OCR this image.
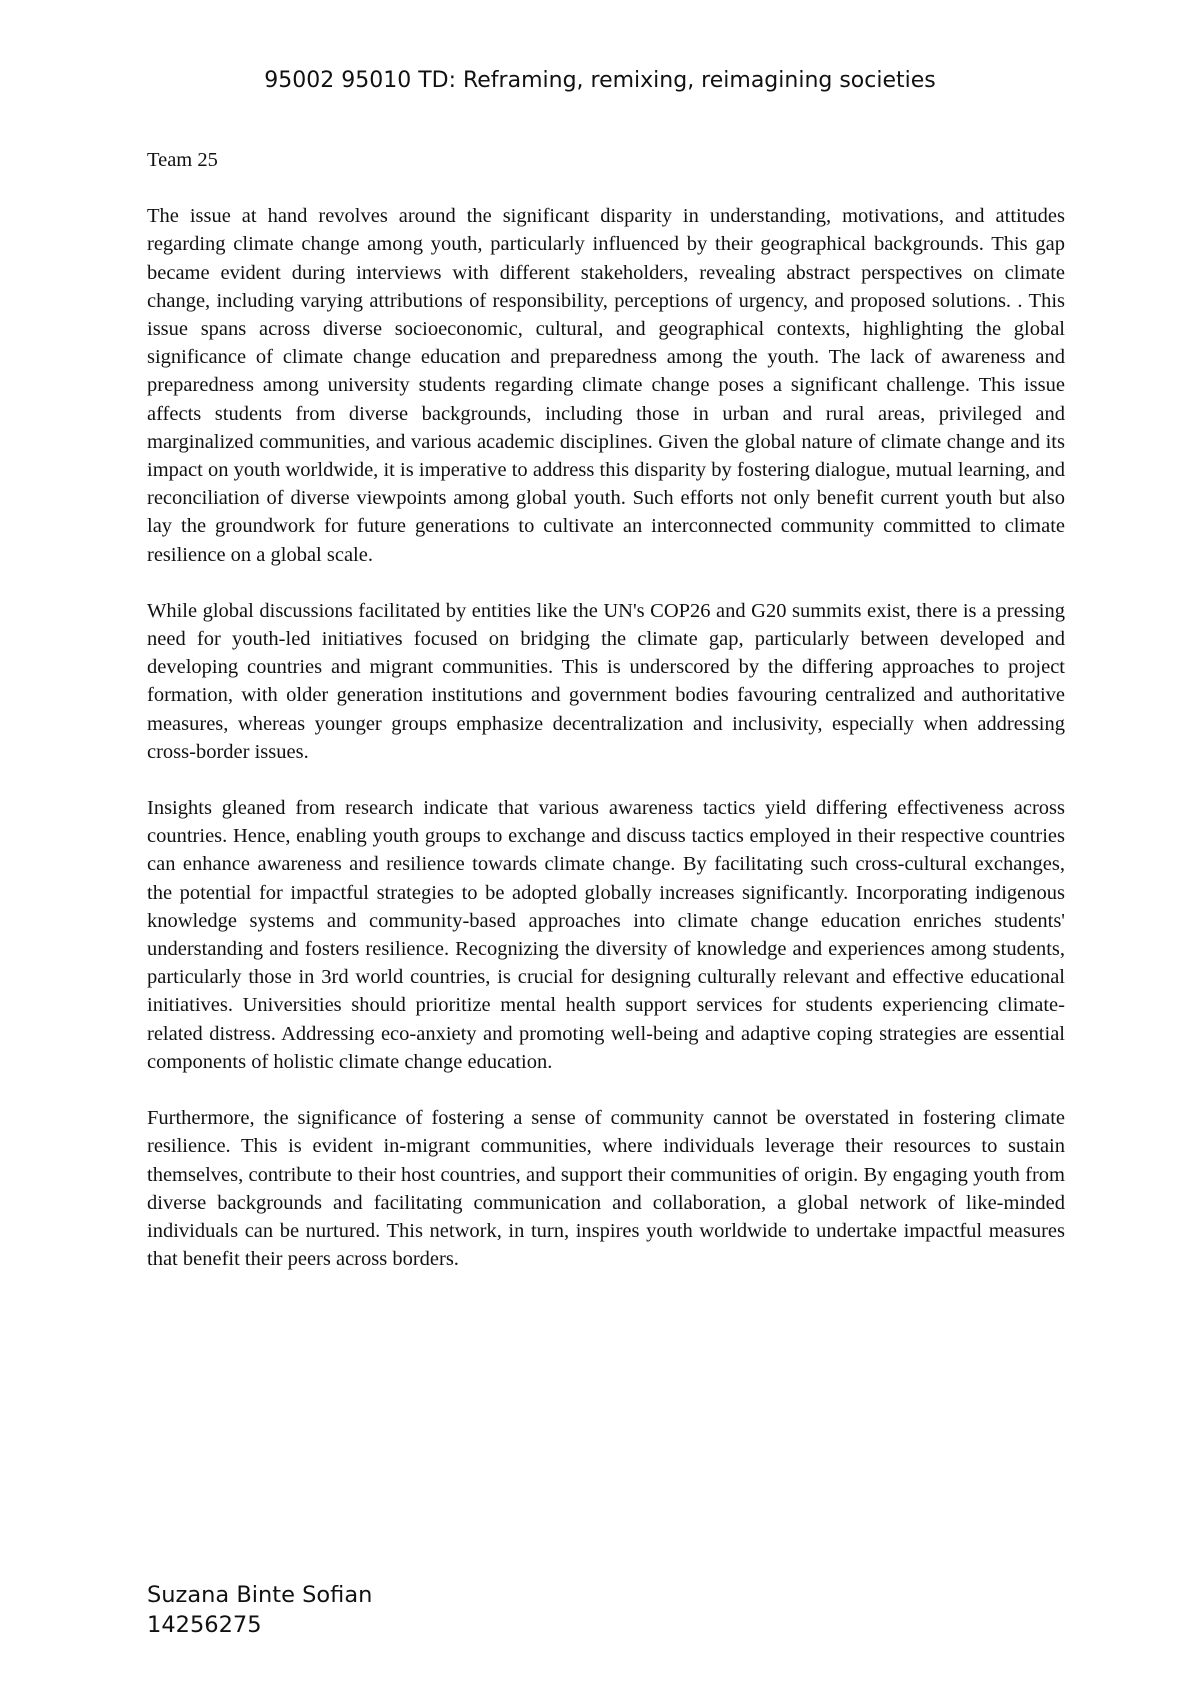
95002 95010 TD: Reframing, remixing, reimagining societies
Team 25

The issue at hand revolves around the significant disparity in understanding, motivations, and attitudes regarding climate change among youth, particularly influenced by their geographical backgrounds. This gap became evident during interviews with different stakeholders, revealing abstract perspectives on climate change, including varying attributions of responsibility, perceptions of urgency, and proposed solutions. . This issue spans across diverse socioeconomic, cultural, and geographical contexts, highlighting the global significance of climate change education and preparedness among the youth. The lack of awareness and preparedness among university students regarding climate change poses a significant challenge. This issue affects students from diverse backgrounds, including those in urban and rural areas, privileged and marginalized communities, and various academic disciplines. Given the global nature of climate change and its impact on youth worldwide, it is imperative to address this disparity by fostering dialogue, mutual learning, and reconciliation of diverse viewpoints among global youth. Such efforts not only benefit current youth but also lay the groundwork for future generations to cultivate an interconnected community committed to climate resilience on a global scale.

While global discussions facilitated by entities like the UN's COP26 and G20 summits exist, there is a pressing need for youth-led initiatives focused on bridging the climate gap, particularly between developed and developing countries and migrant communities. This is underscored by the differing approaches to project formation, with older generation institutions and government bodies favouring centralized and authoritative measures, whereas younger groups emphasize decentralization and inclusivity, especially when addressing cross-border issues.

Insights gleaned from research indicate that various awareness tactics yield differing effectiveness across countries. Hence, enabling youth groups to exchange and discuss tactics employed in their respective countries can enhance awareness and resilience towards climate change. By facilitating such cross-cultural exchanges, the potential for impactful strategies to be adopted globally increases significantly. Incorporating indigenous knowledge systems and community-based approaches into climate change education enriches students' understanding and fosters resilience. Recognizing the diversity of knowledge and experiences among students, particularly those in 3rd world countries, is crucial for designing culturally relevant and effective educational initiatives. Universities should prioritize mental health support services for students experiencing climate-related distress. Addressing eco-anxiety and promoting well-being and adaptive coping strategies are essential components of holistic climate change education.

Furthermore, the significance of fostering a sense of community cannot be overstated in fostering climate resilience. This is evident in-migrant communities, where individuals leverage their resources to sustain themselves, contribute to their host countries, and support their communities of origin. By engaging youth from diverse backgrounds and facilitating communication and collaboration, a global network of like-minded individuals can be nurtured. This network, in turn, inspires youth worldwide to undertake impactful measures that benefit their peers across borders.

Suzana Binte Sofian
14256275
